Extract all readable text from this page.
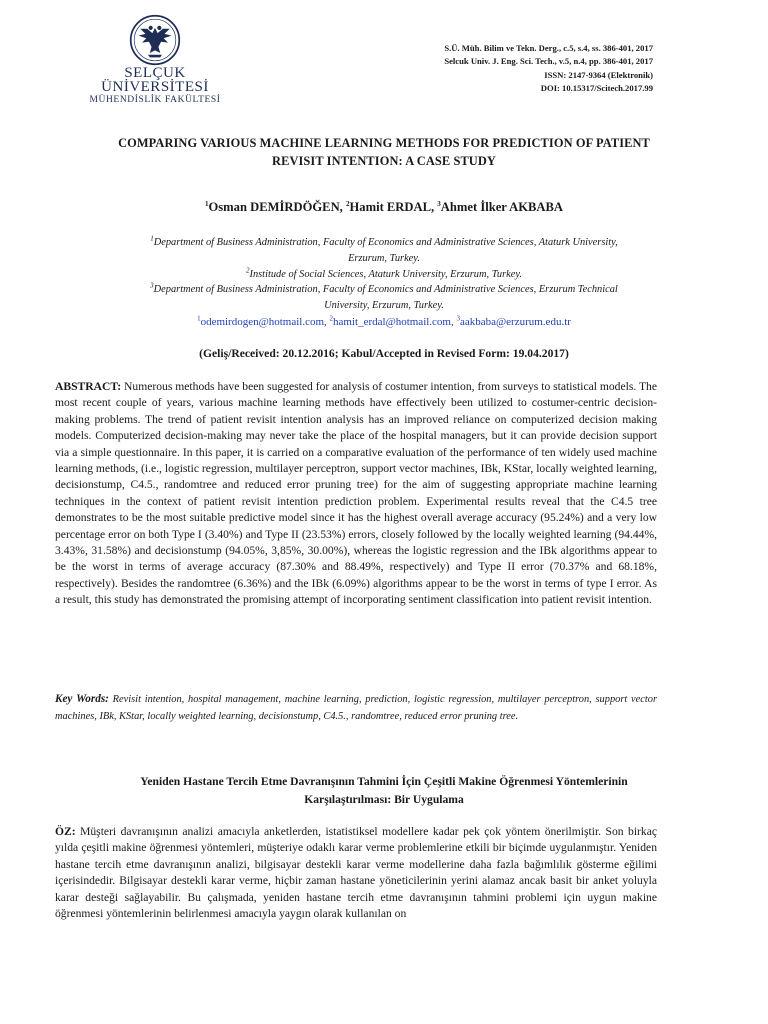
SELÇUK
ÜNİVERSİTESİ
MÜHENDİSLİK FAKÜLTESİ
S.Ü. Müh. Bilim ve Tekn. Derg., c.5, s.4, ss. 386-401, 2017
Selcuk Univ. J. Eng. Sci. Tech., v.5, n.4, pp. 386-401, 2017
ISSN: 2147-9364 (Elektronik)
DOI: 10.15317/Scitech.2017.99
COMPARING VARIOUS MACHINE LEARNING METHODS FOR PREDICTION OF PATIENT
REVISIT INTENTION: A CASE STUDY
$^1$Osman DEMİRDÖĞEN, $^2$Hamit ERDAL, $^3$Ahmet İlker AKBABA
$^1$Department of Business Administration, Faculty of Economics and Administrative Sciences, Ataturk University,
Erzurum, Turkey.
$^2$Institude of Social Sciences, Ataturk University, Erzurum, Turkey.
$^3$Department of Business Administration, Faculty of Economics and Administrative Sciences, Erzurum Technical
University, Erzurum, Turkey.
$^1$odemirdogen@hotmail.com, $^2$hamit_erdal@hotmail.com, $^3$aakbaba@erzurum.edu.tr
(Geliş/Received: 20.12.2016; Kabul/Accepted in Revised Form: 19.04.2017)
ABSTRACT: Numerous methods have been suggested for analysis of costumer intention, from surveys to statistical models. The most recent couple of years, various machine learning methods have effectively been utilized to costumer-centric decision-making problems. The trend of patient revisit intention analysis has an improved reliance on computerized decision making models. Computerized decision-making may never take the place of the hospital managers, but it can provide decision support via a simple questionnaire. In this paper, it is carried on a comparative evaluation of the performance of ten widely used machine learning methods, (i.e., logistic regression, multilayer perceptron, support vector machines, IBk, KStar, locally weighted learning, decisionstump, C4.5., randomtree and reduced error pruning tree) for the aim of suggesting appropriate machine learning techniques in the context of patient revisit intention prediction problem. Experimental results reveal that the C4.5 tree demonstrates to be the most suitable predictive model since it has the highest overall average accuracy (95.24%) and a very low percentage error on both Type I (3.40%) and Type II (23.53%) errors, closely followed by the locally weighted learning (94.44%, 3.43%, 31.58%) and decisionstump (94.05%, 3,85%, 30.00%), whereas the logistic regression and the IBk algorithms appear to be the worst in terms of average accuracy (87.30% and 88.49%, respectively) and Type II error (70.37% and 68.18%, respectively). Besides the randomtree (6.36%) and the IBk (6.09%) algorithms appear to be the worst in terms of type I error. As a result, this study has demonstrated the promising attempt of incorporating sentiment classification into patient revisit intention.
Key Words: Revisit intention, hospital management, machine learning, prediction, logistic regression, multilayer perceptron, support vector machines, IBk, KStar, locally weighted learning, decisionstump, C4.5., randomtree, reduced error pruning tree.
Yeniden Hastane Tercih Etme Davranışının Tahmini İçin Çeşitli Makine Öğrenmesi Yöntemlerinin
Karşılaştırılması: Bir Uygulama
ÖZ: Müşteri davranışının analizi amacıyla anketlerden, istatistiksel modellere kadar pek çok yöntem önerilmiştir. Son birkaç yılda çeşitli makine öğrenmesi yöntemleri, müşteriye odaklı karar verme problemlerine etkili bir biçimde uygulanmıştır. Yeniden hastane tercih etme davranışının analizi, bilgisayar destekli karar verme modellerine daha fazla bağımlılık gösterme eğilimi içerisindedir. Bilgisayar destekli karar verme, hiçbir zaman hastane yöneticilerinin yerini alamaz ancak basit bir anket yoluyla karar desteği sağlayabilir. Bu çalışmada, yeniden hastane tercih etme davranışının tahmini problemi için uygun makine öğrenmesi yöntemlerinin belirlenmesi amacıyla yaygın olarak kullanılan on
